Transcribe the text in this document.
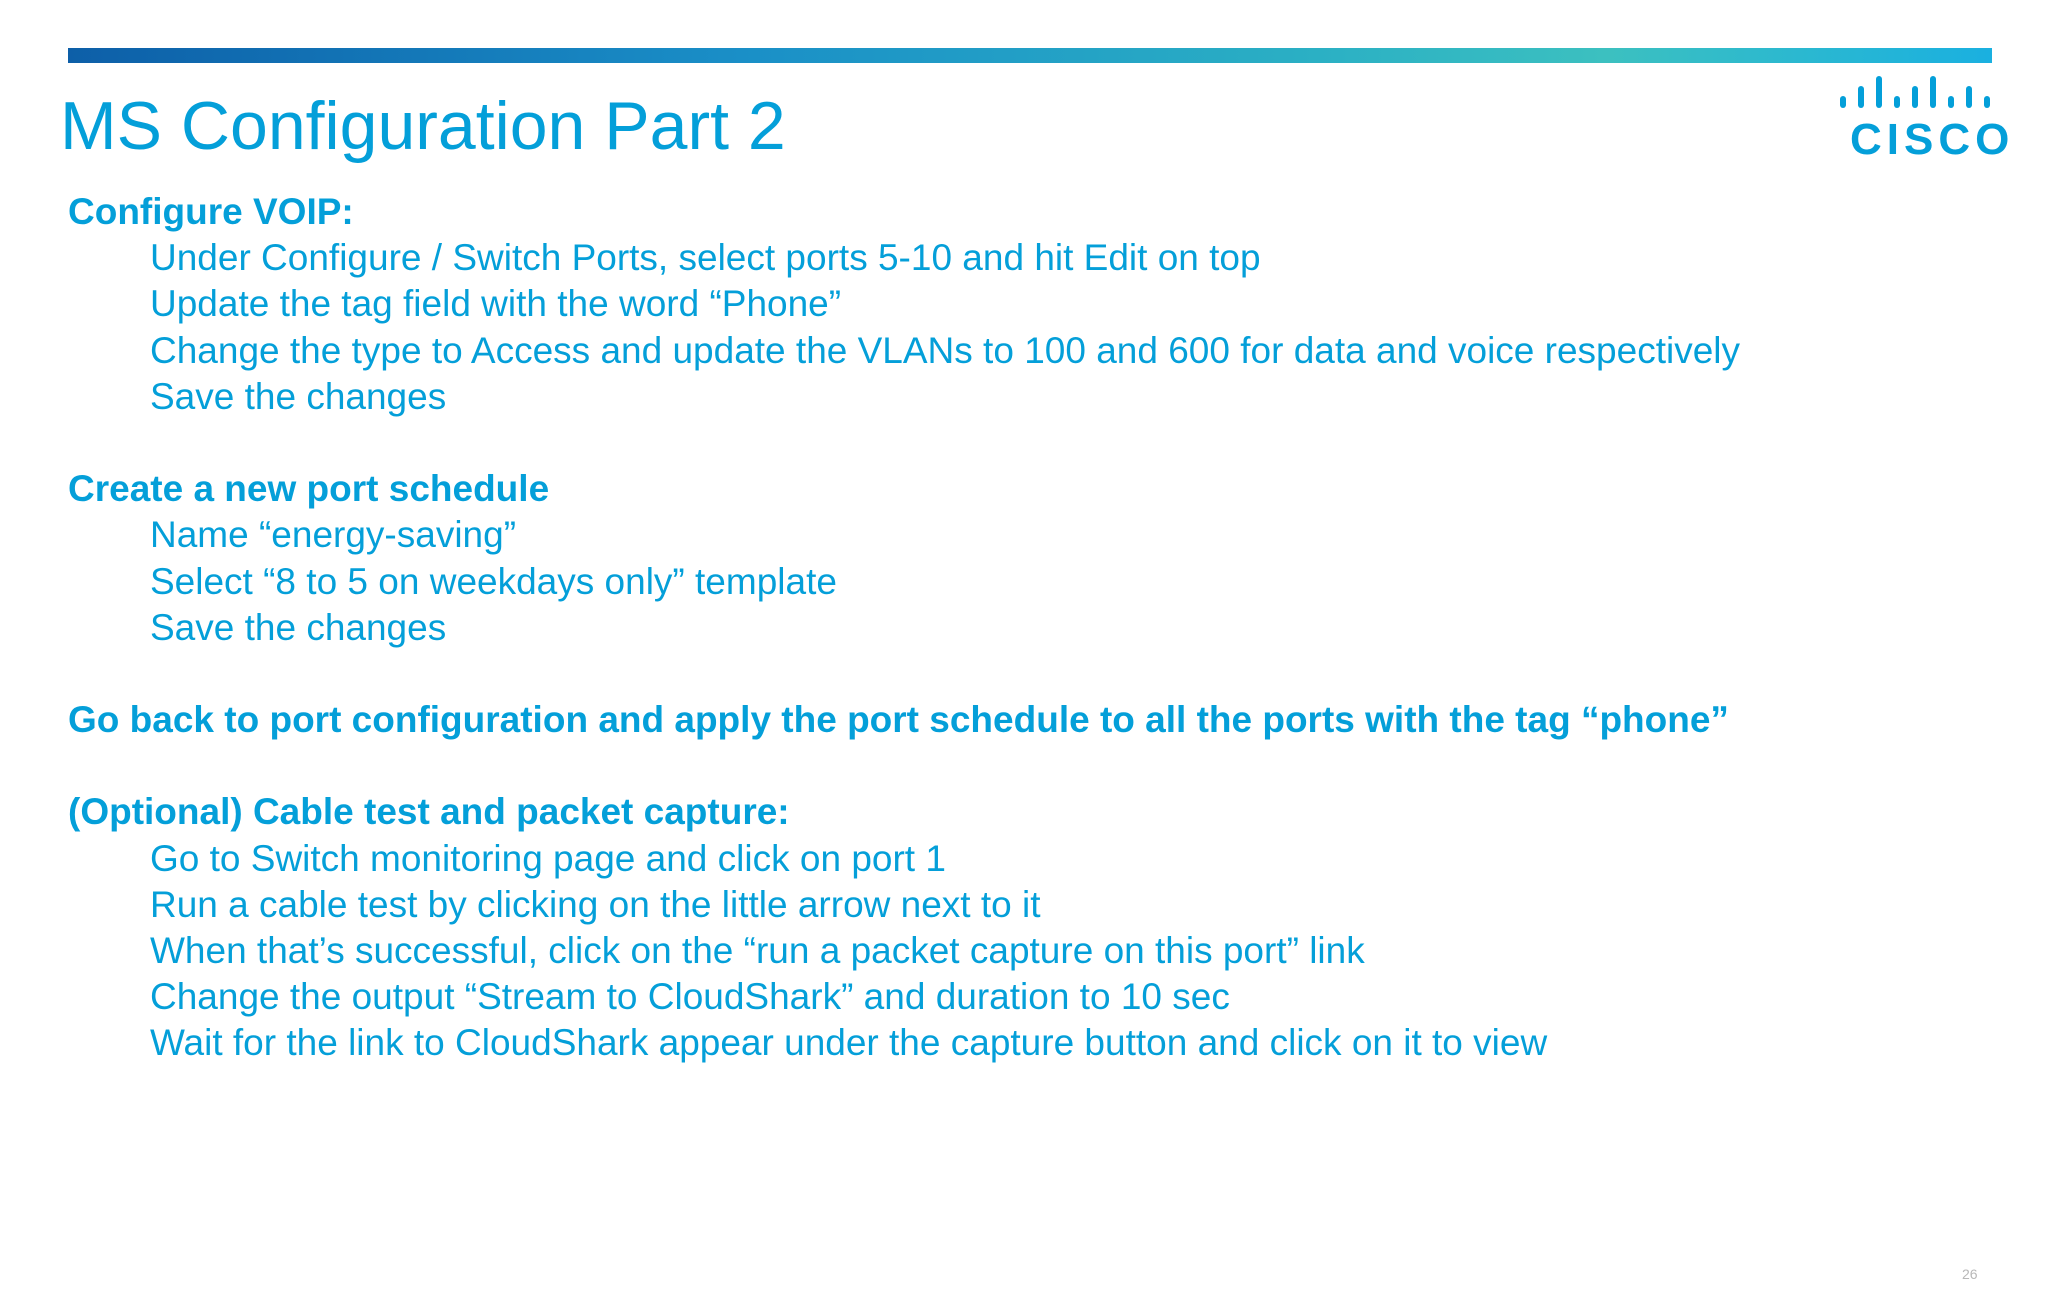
MS Configuration Part 2	CISCO
Configure VOIP:
Under Configure / Switch Ports, select ports 5-10 and hit Edit on top
Update the tag field with the word “Phone”
Change the type to Access and update the VLANs to 100 and 600 for data and voice respectively
Save the changes
Create a new port schedule
Name “energy-saving”
Select “8 to 5 on weekdays only” template
Save the changes
Go back to port configuration and apply the port schedule to all the ports with the tag “phone”
(Optional) Cable test and packet capture:
Go to Switch monitoring page and click on port 1
Run a cable test by clicking on the little arrow next to it
When that’s successful, click on the “run a packet capture on this port” link
Change the output “Stream to CloudShark” and duration to 10 sec
Wait for the link to CloudShark appear under the capture button and click on it to view
26
